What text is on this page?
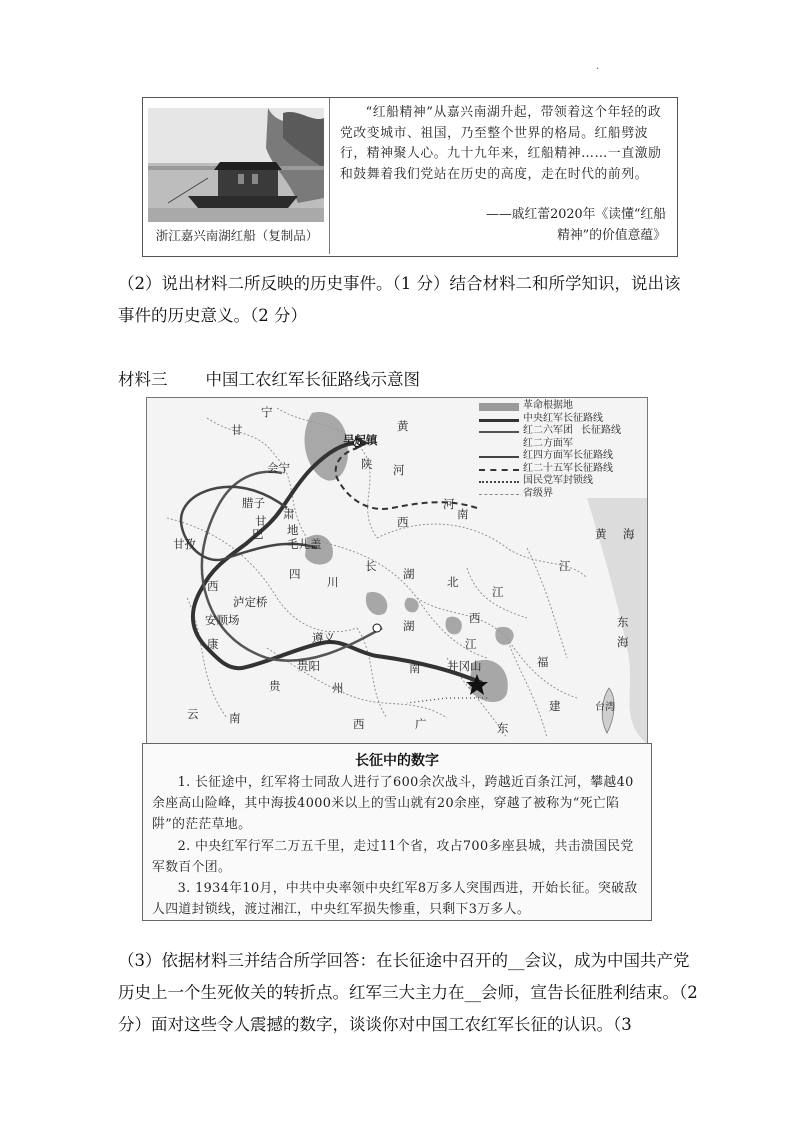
·
浙江嘉兴南湖红船（复制品）
“红船精神”从嘉兴南湖升起，带领着这个年轻的政党改变城市、祖国，乃至整个世界的格局。红船劈波行，精神聚人心。九十九年来，红船精神……一直激励和鼓舞着我们党站在历史的高度，走在时代的前列。
——戚红蕾2020年《读懂“红船
精神”的价值意蕴》
（2）说出材料二所反映的历史事件。（1 分）结合材料二和所学知识，说出该事件的历史意义。（2 分）
材料三 中国工农红军长征路线示意图
革命根据地
中央红军长征路线
红二六军团 长征路线
红二方面军
红四方面军长征路线
红二十五军长征路线
国民党军封锁线
省级界
宁
甘
吴起镇
陕
黄
河
会宁
腊子
甘 肃
巴 地
毛儿盖
甘孜
西
四
川
泸定桥
安顺场
康
长
江
湖
北
河
南
西
湖
南
遵义
贵阳
州
贵
井冈山
江
西
福
建
东
广
西
云	南
台湾
黄 海
东
海
江
长征中的数字

1. 长征途中，红军将士同敌人进行了600余次战斗，跨越近百条江河，攀越40余座高山险峰，其中海拔4000米以上的雪山就有20余座，穿越了被称为“死亡陷阱”的茫茫草地。

2. 中央红军行军二万五千里，走过11个省，攻占700多座县城，共击溃国民党军数百个团。

3. 1934年10月，中共中央率领中央红军8万多人突围西进，开始长征。突破敌人四道封锁线，渡过湘江，中央红军损失惨重，只剩下3万多人。

（3）依据材料三并结合所学回答：在长征途中召开的__会议，成为中国共产党历史上一个生死攸关的转折点。红军三大主力在__会师，宣告长征胜利结束。（2分）面对这些令人震撼的数字，谈谈你对中国工农红军长征的认识。（3
